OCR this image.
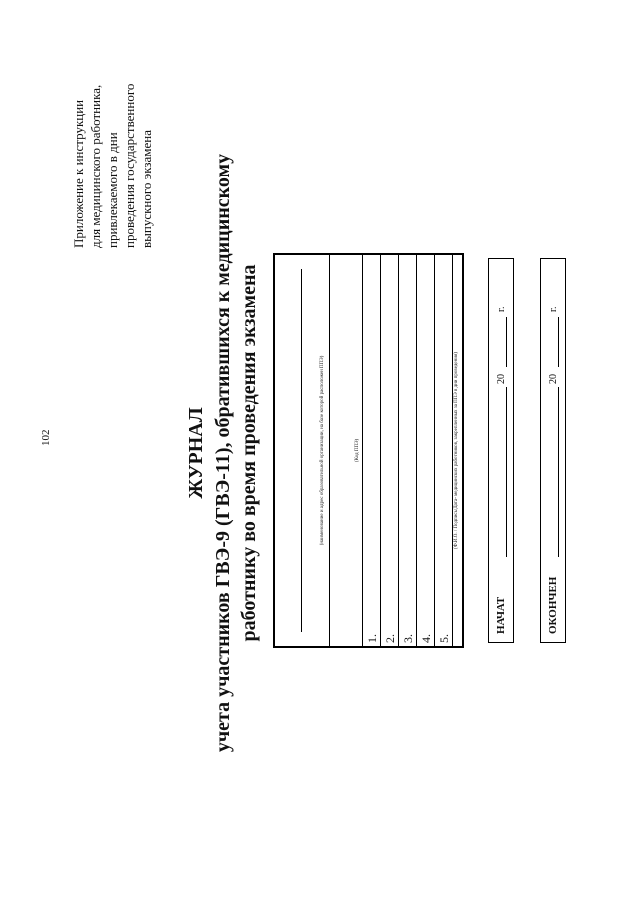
102
Приложение к инструкции для медицинского работника, привлекаемого в дни проведения государственного выпускного экзамена
ЖУРНАЛ учета участников ГВЭ-9 (ГВЭ-11), обратившихся к медицинскому работнику во время проведения экзамена	(наименование и адрес образовательной организации, на базе которой расположен ППЭ)	(Код ППЭ)
1. 2. 3. 4. 5.
(Ф.И.О. / Подпись/Дата- медицинских работников, закрепленных за ППЭ в дни проведения)
НАЧАТ
20
г.
ОКОНЧЕН
20
г.
